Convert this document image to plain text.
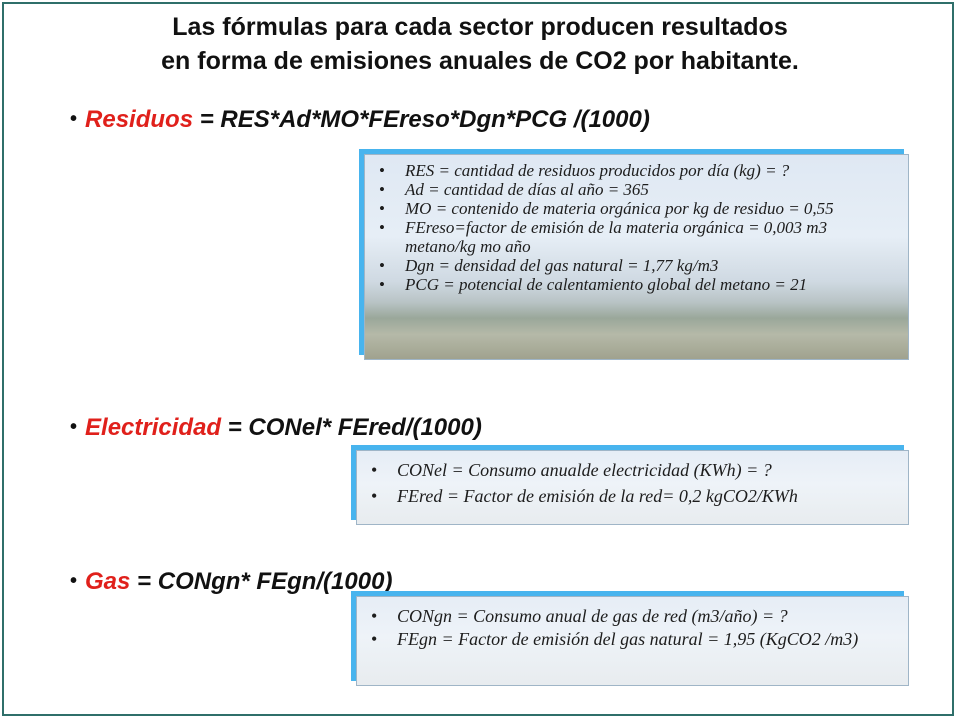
Las fórmulas para cada sector producen resultados
en forma de emisiones anuales de CO2 por habitante.
• Residuos = RES*Ad*MO*FEreso*Dgn*PCG /(1000)
• RES = cantidad de residuos producidos por día (kg) = ?
• Ad = cantidad de días al año = 365
• MO = contenido de materia orgánica por kg de residuo = 0,55
• FEreso=factor de emisión de la materia orgánica = 0,003 m3 metano/kg mo año
• Dgn = densidad del gas natural = 1,77 kg/m3
• PCG = potencial de calentamiento global del metano = 21
• Electricidad = CONel* FEred/(1000)
• CONel = Consumo anualde electricidad (KWh) = ?
• FEred = Factor de emisión de la red= 0,2 kgCO2/KWh
• Gas = CONgn* FEgn/(1000)
• CONgn = Consumo anual de gas de red (m3/año) = ?
• FEgn = Factor de emisión del gas natural = 1,95 (KgCO2 /m3)
